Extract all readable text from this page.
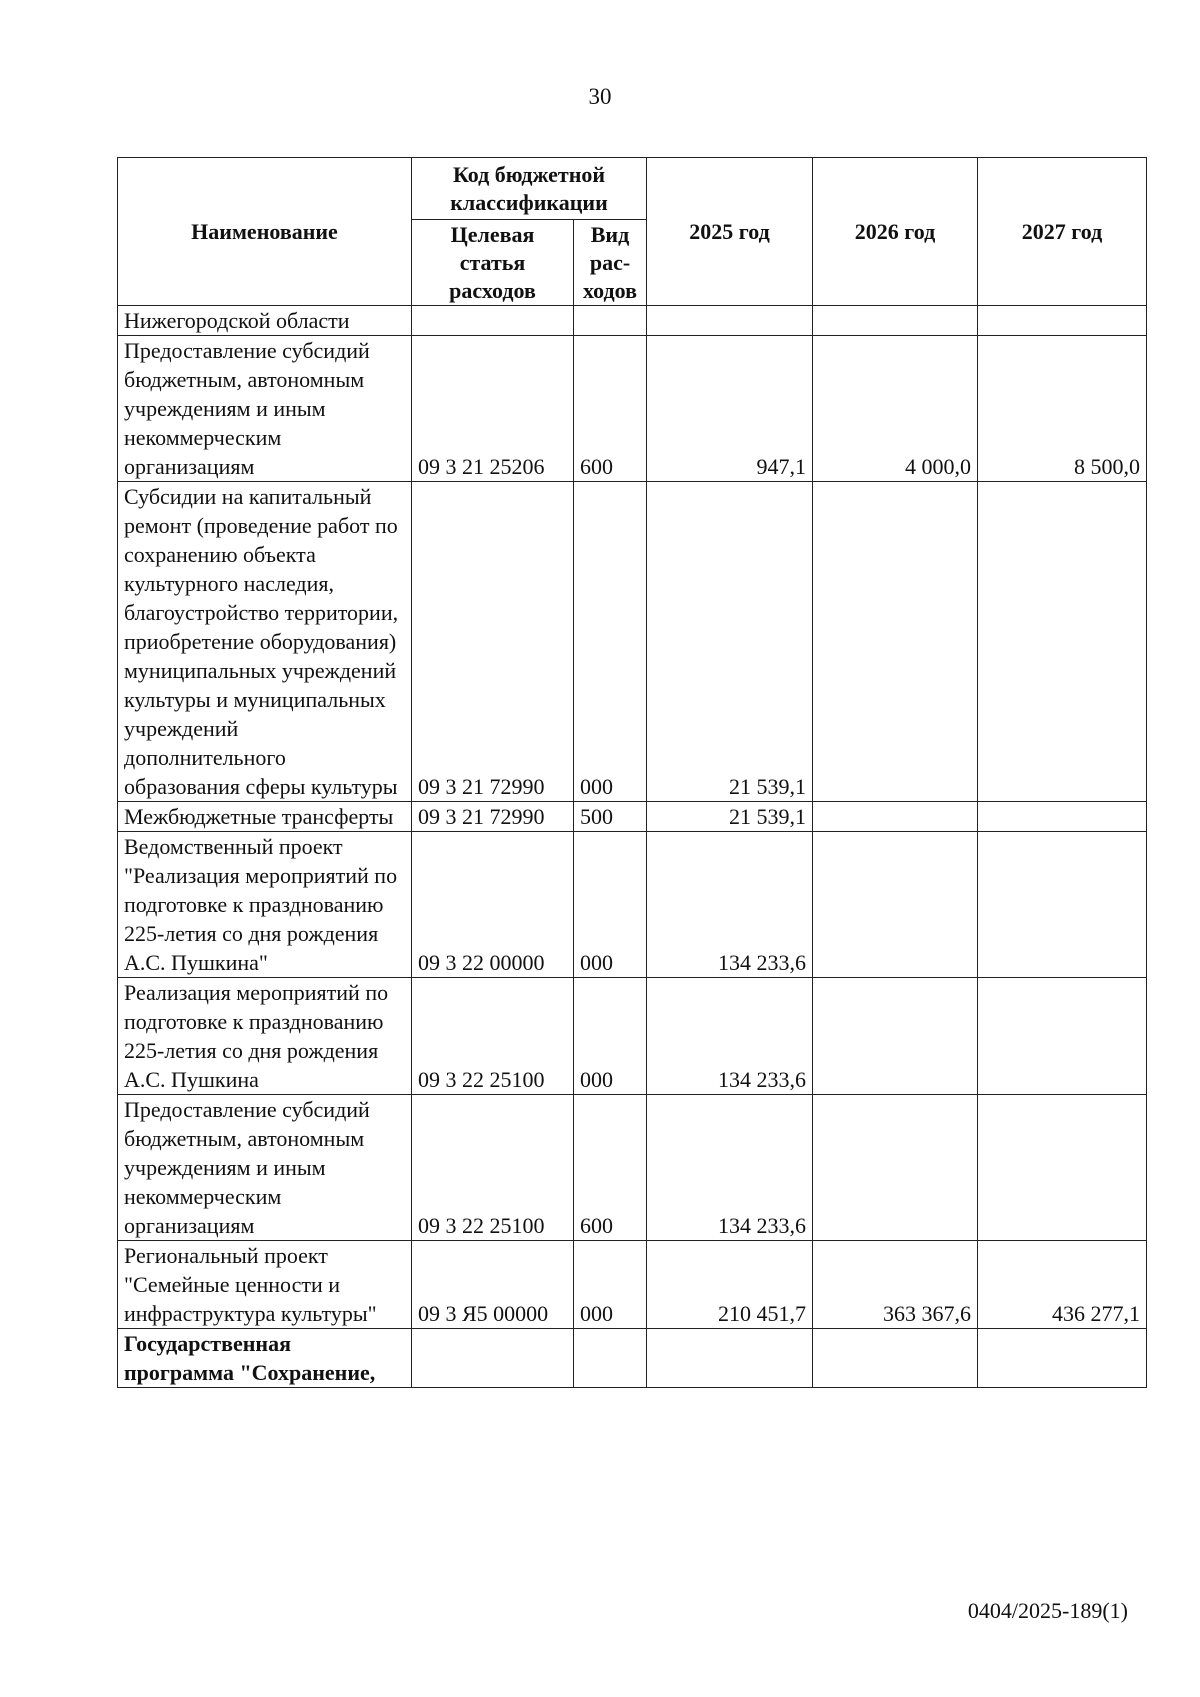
30
Наименование	Код бюджетной классификации		2025 год	2026 год	2027 год
	Целевая статья расходов	Вид рас-ходов			
Нижегородской области					
Предоставление субсидий бюджетным, автономным учреждениям и иным некоммерческим организациям	09 3 21 25206	600	947,1	4 000,0	8 500,0
Субсидии на капитальный ремонт (проведение работ по сохранению объекта культурного наследия, благоустройство территории, приобретение оборудования) муниципальных учреждений культуры и муниципальных учреждений дополнительного образования сферы культуры	09 3 21 72990	000	21 539,1		
Межбюджетные трансферты	09 3 21 72990	500	21 539,1		
Ведомственный проект "Реализация мероприятий по подготовке к празднованию 225-летия со дня рождения А.С. Пушкина"	09 3 22 00000	000	134 233,6		
Реализация мероприятий по подготовке к празднованию 225-летия со дня рождения А.С. Пушкина	09 3 22 25100	000	134 233,6		
Предоставление субсидий бюджетным, автономным учреждениям и иным некоммерческим организациям	09 3 22 25100	600	134 233,6		
Региональный проект "Семейные ценности и инфраструктура культуры"	09 3 Я5 00000	000	210 451,7	363 367,6	436 277,1
Государственная программа "Сохранение,					
0404/2025-189(1)
